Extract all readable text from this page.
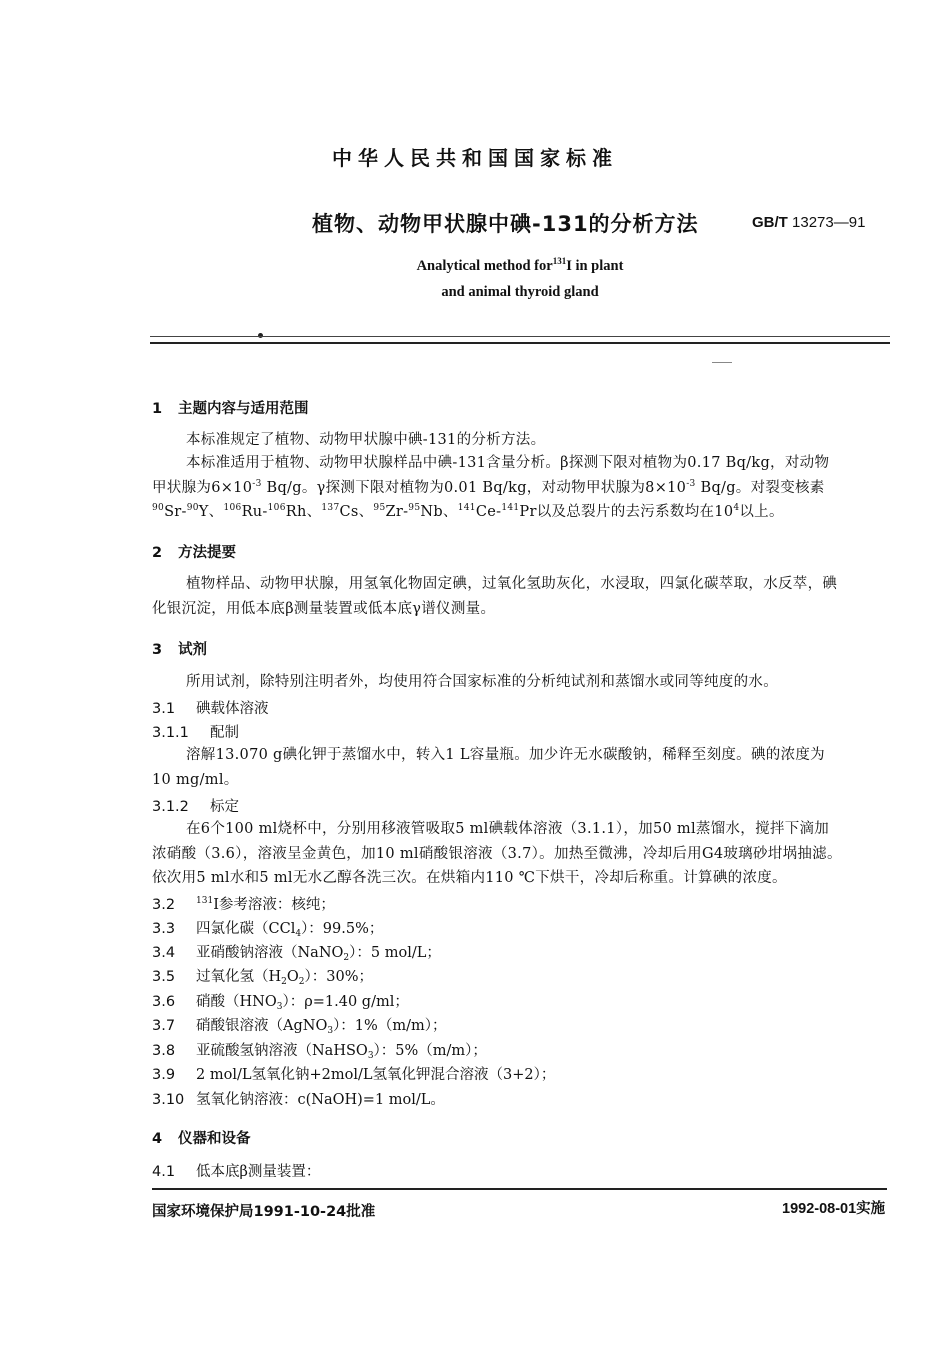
中华人民共和国国家标准
植物、动物甲状腺中碘-131的分析方法	GB/T 13273—91
Analytical method for$^{131}$I in plant
and animal thyroid gland
1 主题内容与适用范围
本标准规定了植物、动物甲状腺中碘-131的分析方法。
本标准适用于植物、动物甲状腺样品中碘-131含量分析。β探测下限对植物为0.17 Bq/kg，对动物
甲状腺为$6\times 10^{-3}$ Bq/g。γ探测下限对植物为0.01 Bq/kg，对动物甲状腺为$8\times 10^{-3}$ Bq/g。对裂变核素
$^{90}$Sr-$^{90}$Y、$^{106}$Ru-$^{106}$Rh、$^{137}$Cs、$^{95}$Zr-$^{95}$Nb、$^{141}$Ce-$^{141}$Pr以及总裂片的去污系数均在$10^4$以上。
2 方法提要
植物样品、动物甲状腺，用氢氧化物固定碘，过氧化氢助灰化，水浸取，四氯化碳萃取，水反萃，碘
化银沉淀，用低本底β测量装置或低本底γ谱仪测量。
3 试剂
所用试剂，除特别注明者外，均使用符合国家标准的分析纯试剂和蒸馏水或同等纯度的水。
3.1 碘载体溶液
3.1.1 配制
溶解13.070 g碘化钾于蒸馏水中，转入1 L容量瓶。加少许无水碳酸钠，稀释至刻度。碘的浓度为
10 mg/ml。
3.1.2 标定
在6个100 ml烧杯中，分别用移液管吸取5 ml碘载体溶液（3.1.1），加50 ml蒸馏水，搅拌下滴加
浓硝酸（3.6），溶液呈金黄色，加10 ml硝酸银溶液（3.7）。加热至微沸，冷却后用G4玻璃砂坩埚抽滤。
依次用5 ml水和5 ml无水乙醇各洗三次。在烘箱内110 ℃下烘干，冷却后称重。计算碘的浓度。
3.2 $^{131}$I参考溶液：核纯；
3.3 四氯化碳（CCl$_4$）：99.5%；
3.4 亚硝酸钠溶液（NaNO$_2$）：5 mol/L；
3.5 过氧化氢$(H_2O_2)$：30%；
3.6 硝酸$(HNO_3)$：ρ=1.40 g/ml；
3.7 硝酸银溶液（AgNO$_3$）：1%（m/m）；
3.8 亚硫酸氢钠溶液（NaHSO$_3$）：5%（m/m）；
3.9 2 mol/L氢氧化钠+2mol/L氢氧化钾混合溶液（3+2）；
3.10 氢氧化钠溶液：c(NaOH)=1 mol/L。
4 仪器和设备
4.1 低本底β测量装置：
国家环境保护局1991-10-24批准	1992-08-01实施
